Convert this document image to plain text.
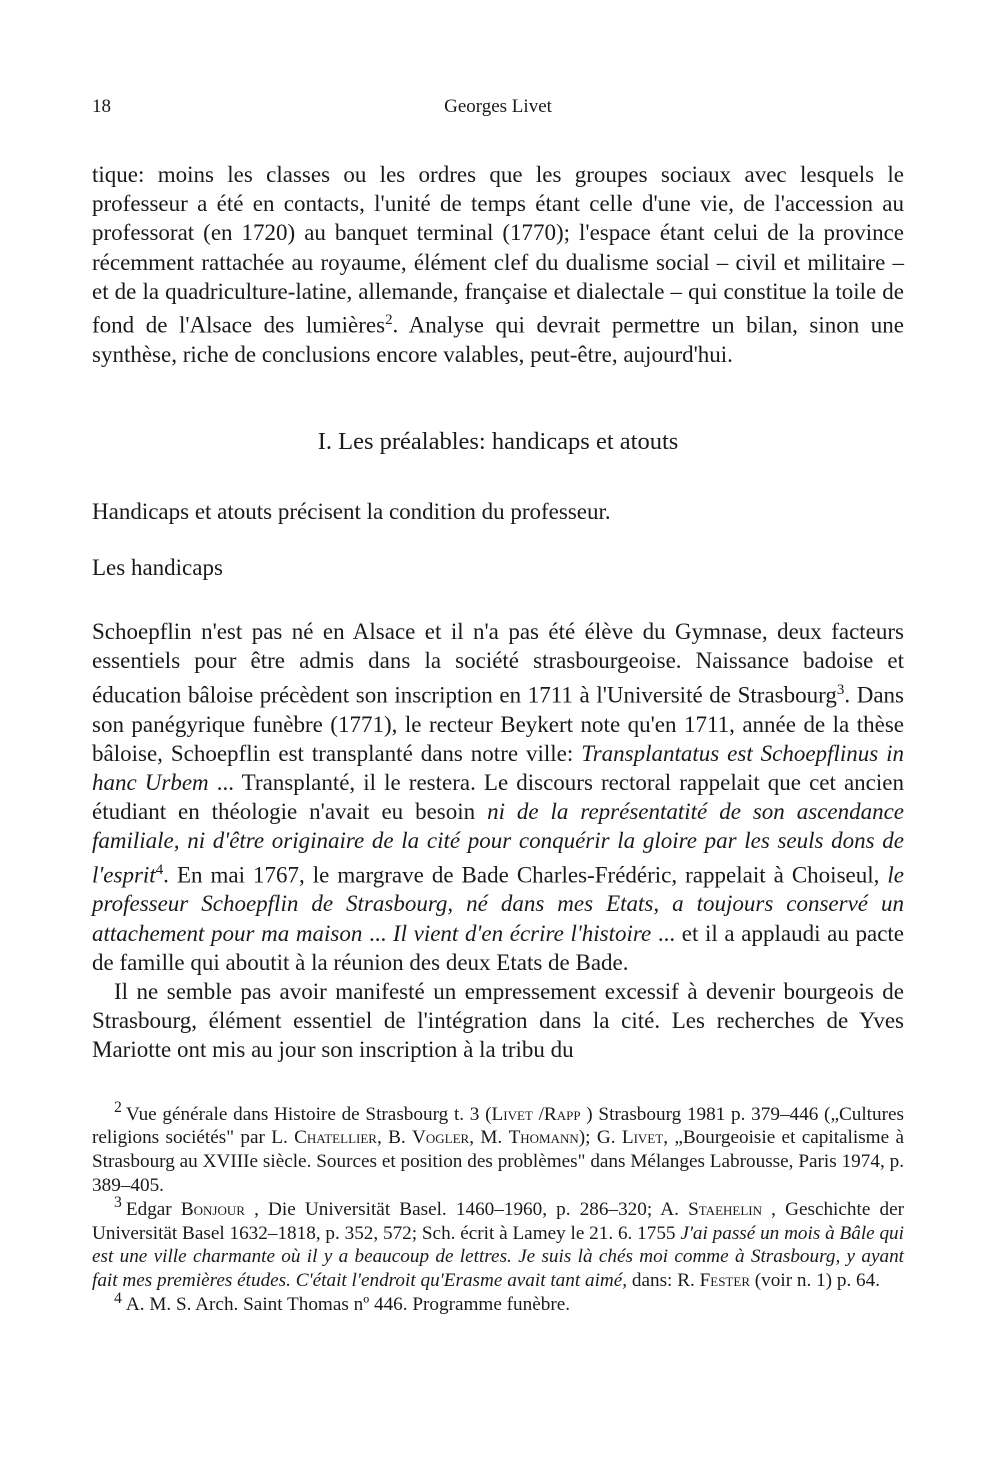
Georges Livet
18

tique: moins les classes ou les ordres que les groupes sociaux avec lesquels le professeur a été en contacts, l'unité de temps étant celle d'une vie, de l'accession au professorat (en 1720) au banquet terminal (1770); l'espace étant celui de la province récemment rattachée au royaume, élément clef du dualisme social – civil et militaire – et de la quadriculture-latine, allemande, française et dialectale – qui constitue la toile de fond de l'Alsace des lumières$^2$. Analyse qui devrait permettre un bilan, sinon une synthèse, riche de conclusions encore valables, peut-être, aujourd'hui.

I. Les préalables: handicaps et atouts

Handicaps et atouts précisent la condition du professeur.

Les handicaps

Schoepflin n'est pas né en Alsace et il n'a pas été élève du Gymnase, deux facteurs essentiels pour être admis dans la société strasbourgeoise. Naissance badoise et éducation bâloise précèdent son inscription en 1711 à l'Université de Strasbourg$^3$. Dans son panégyrique funèbre (1771), le recteur Beykert note qu'en 1711, année de la thèse bâloise, Schoepflin est transplanté dans notre ville: Transplantatus est Schoepflinus in hanc Urbem ... Transplanté, il le restera. Le discours rectoral rappelait que cet ancien étudiant en théologie n'avait eu besoin ni de la représentatité de son ascendance familiale, ni d'être originaire de la cité pour conquérir la gloire par les seuls dons de l'esprit$^4$. En mai 1767, le margrave de Bade Charles-Frédéric, rappelait à Choiseul, le professeur Schoepflin de Strasbourg, né dans mes Etats, a toujours conservé un attachement pour ma maison ... Il vient d'en écrire l'histoire ... et il a applaudi au pacte de famille qui aboutit à la réunion des deux Etats de Bade.

Il ne semble pas avoir manifesté un empressement excessif à devenir bourgeois de Strasbourg, élément essentiel de l'intégration dans la cité. Les recherches de Yves Mariotte ont mis au jour son inscription à la tribu du

$^2$ Vue générale dans Histoire de Strasbourg t. 3 (Livet /Rapp ) Strasbourg 1981 p. 379–446 („Cultures religions sociétés" par L. Chatellier, B. Vogler, M. Thomann); G. Livet, „Bourgeoisie et capitalisme à Strasbourg au XVIIIe siècle. Sources et position des problèmes" dans Mélanges Labrousse, Paris 1974, p. 389–405.

$^3$ Edgar Bonjour , Die Universität Basel. 1460–1960, p. 286–320; A. Staehelin , Geschichte der Universität Basel 1632–1818, p. 352, 572; Sch. écrit à Lamey le 21. 6. 1755 J'ai passé un mois à Bâle qui est une ville charmante où il y a beaucoup de lettres. Je suis là chés moi comme à Strasbourg, y ayant fait mes premières études. C'était l'endroit qu'Erasme avait tant aimé, dans: R. Fester (voir n. 1) p. 64.

$^4$ A. M. S. Arch. Saint Thomas nº 446. Programme funèbre.
